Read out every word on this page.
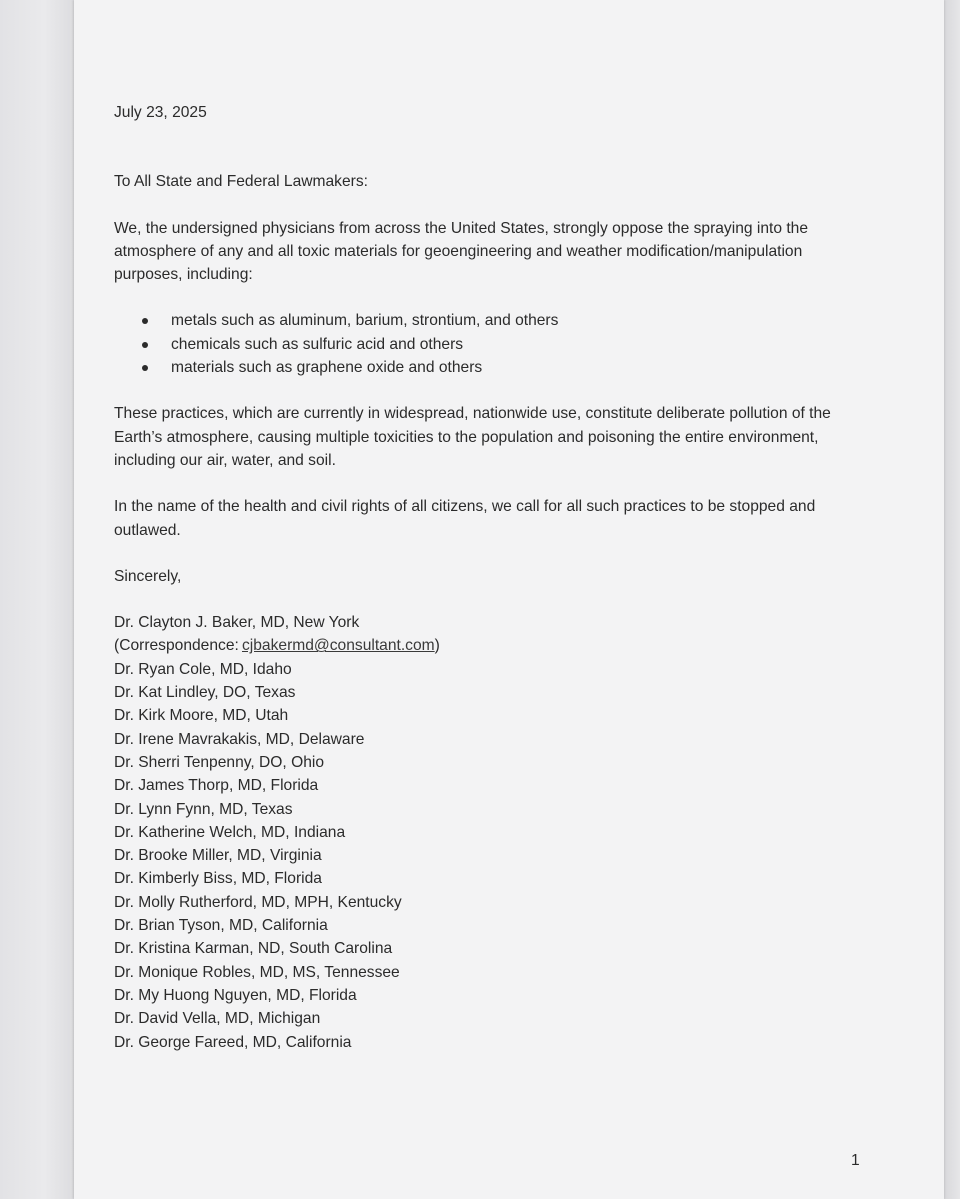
July 23, 2025

To All State and Federal Lawmakers:

We, the undersigned physicians from across the United States, strongly oppose the spraying into the atmosphere of any and all toxic materials for geoengineering and weather modification/manipulation purposes, including:

metals such as aluminum, barium, strontium, and others
chemicals such as sulfuric acid and others
materials such as graphene oxide and others

These practices, which are currently in widespread, nationwide use, constitute deliberate pollution of the Earth’s atmosphere, causing multiple toxicities to the population and poisoning the entire environment, including our air, water, and soil.

In the name of the health and civil rights of all citizens, we call for all such practices to be stopped and outlawed.

Sincerely,

Dr. Clayton J. Baker, MD, New York
(Correspondence: cjbakermd@consultant.com)
Dr. Ryan Cole, MD, Idaho
Dr. Kat Lindley, DO, Texas
Dr. Kirk Moore, MD, Utah
Dr. Irene Mavrakakis, MD, Delaware
Dr. Sherri Tenpenny, DO, Ohio
Dr. James Thorp, MD, Florida
Dr. Lynn Fynn, MD, Texas
Dr. Katherine Welch, MD, Indiana
Dr. Brooke Miller, MD, Virginia
Dr. Kimberly Biss, MD, Florida
Dr. Molly Rutherford, MD, MPH, Kentucky
Dr. Brian Tyson, MD, California
Dr. Kristina Karman, ND, South Carolina
Dr. Monique Robles, MD, MS, Tennessee
Dr. My Huong Nguyen, MD, Florida
Dr. David Vella, MD, Michigan
Dr. George Fareed, MD, California
1
